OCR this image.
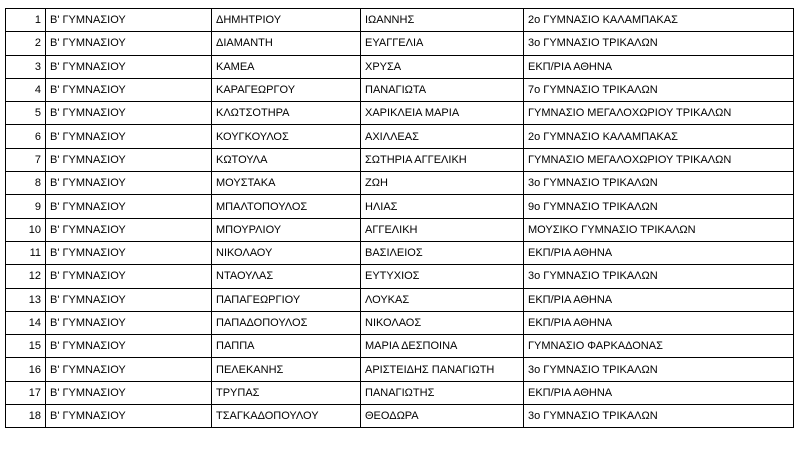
1	Β' ΓΥΜΝΑΣΙΟΥ	ΔΗΜΗΤΡΙΟΥ	ΙΩΑΝΝΗΣ	2ο ΓΥΜΝΑΣΙΟ ΚΑΛΑΜΠΑΚΑΣ
2	Β' ΓΥΜΝΑΣΙΟΥ	ΔΙΑΜΑΝΤΗ	ΕΥΑΓΓΕΛΙΑ	3ο ΓΥΜΝΑΣΙΟ ΤΡΙΚΑΛΩΝ
3	Β' ΓΥΜΝΑΣΙΟΥ	ΚΑΜΕΑ	ΧΡΥΣΑ	ΕΚΠ/ΡΙΑ ΑΘΗΝΑ
4	Β' ΓΥΜΝΑΣΙΟΥ	ΚΑΡΑΓΕΩΡΓΟΥ	ΠΑΝΑΓΙΩΤΑ	7ο ΓΥΜΝΑΣΙΟ ΤΡΙΚΑΛΩΝ
5	Β' ΓΥΜΝΑΣΙΟΥ	ΚΛΩΤΣΟΤΗΡΑ	ΧΑΡΙΚΛΕΙΑ ΜΑΡΙΑ	ΓΥΜΝΑΣΙΟ ΜΕΓΑΛΟΧΩΡΙΟΥ ΤΡΙΚΑΛΩΝ
6	Β' ΓΥΜΝΑΣΙΟΥ	ΚΟΥΓΚΟΥΛΟΣ	ΑΧΙΛΛΕΑΣ	2ο ΓΥΜΝΑΣΙΟ ΚΑΛΑΜΠΑΚΑΣ
7	Β' ΓΥΜΝΑΣΙΟΥ	ΚΩΤΟΥΛΑ	ΣΩΤΗΡΙΑ ΑΓΓΕΛΙΚΗ	ΓΥΜΝΑΣΙΟ ΜΕΓΑΛΟΧΩΡΙΟΥ ΤΡΙΚΑΛΩΝ
8	Β' ΓΥΜΝΑΣΙΟΥ	ΜΟΥΣΤΑΚΑ	ΖΩΗ	3ο ΓΥΜΝΑΣΙΟ ΤΡΙΚΑΛΩΝ
9	Β' ΓΥΜΝΑΣΙΟΥ	ΜΠΑΛΤΟΠΟΥΛΟΣ	ΗΛΙΑΣ	9ο ΓΥΜΝΑΣΙΟ ΤΡΙΚΑΛΩΝ
10	Β' ΓΥΜΝΑΣΙΟΥ	ΜΠΟΥΡΛΙΟΥ	ΑΓΓΕΛΙΚΗ	ΜΟΥΣΙΚΟ ΓΥΜΝΑΣΙΟ ΤΡΙΚΑΛΩΝ
11	Β' ΓΥΜΝΑΣΙΟΥ	ΝΙΚΟΛΑΟΥ	ΒΑΣΙΛΕΙΟΣ	ΕΚΠ/ΡΙΑ ΑΘΗΝΑ
12	Β' ΓΥΜΝΑΣΙΟΥ	ΝΤΑΟΥΛΑΣ	ΕΥΤΥΧΙΟΣ	3ο ΓΥΜΝΑΣΙΟ ΤΡΙΚΑΛΩΝ
13	Β' ΓΥΜΝΑΣΙΟΥ	ΠΑΠΑΓΕΩΡΓΙΟΥ	ΛΟΥΚΑΣ	ΕΚΠ/ΡΙΑ ΑΘΗΝΑ
14	Β' ΓΥΜΝΑΣΙΟΥ	ΠΑΠΑΔΟΠΟΥΛΟΣ	ΝΙΚΟΛΑΟΣ	ΕΚΠ/ΡΙΑ ΑΘΗΝΑ
15	Β' ΓΥΜΝΑΣΙΟΥ	ΠΑΠΠΑ	ΜΑΡΙΑ ΔΕΣΠΟΙΝΑ	ΓΥΜΝΑΣΙΟ ΦΑΡΚΑΔΟΝΑΣ
16	Β' ΓΥΜΝΑΣΙΟΥ	ΠΕΛΕΚΑΝΗΣ	ΑΡΙΣΤΕΙΔΗΣ ΠΑΝΑΓΙΩΤΗ	3ο ΓΥΜΝΑΣΙΟ ΤΡΙΚΑΛΩΝ
17	Β' ΓΥΜΝΑΣΙΟΥ	ΤΡΥΠΑΣ	ΠΑΝΑΓΙΩΤΗΣ	ΕΚΠ/ΡΙΑ ΑΘΗΝΑ
18	Β' ΓΥΜΝΑΣΙΟΥ	ΤΣΑΓΚΑΔΟΠΟΥΛΟΥ	ΘΕΟΔΩΡΑ	3ο ΓΥΜΝΑΣΙΟ ΤΡΙΚΑΛΩΝ
